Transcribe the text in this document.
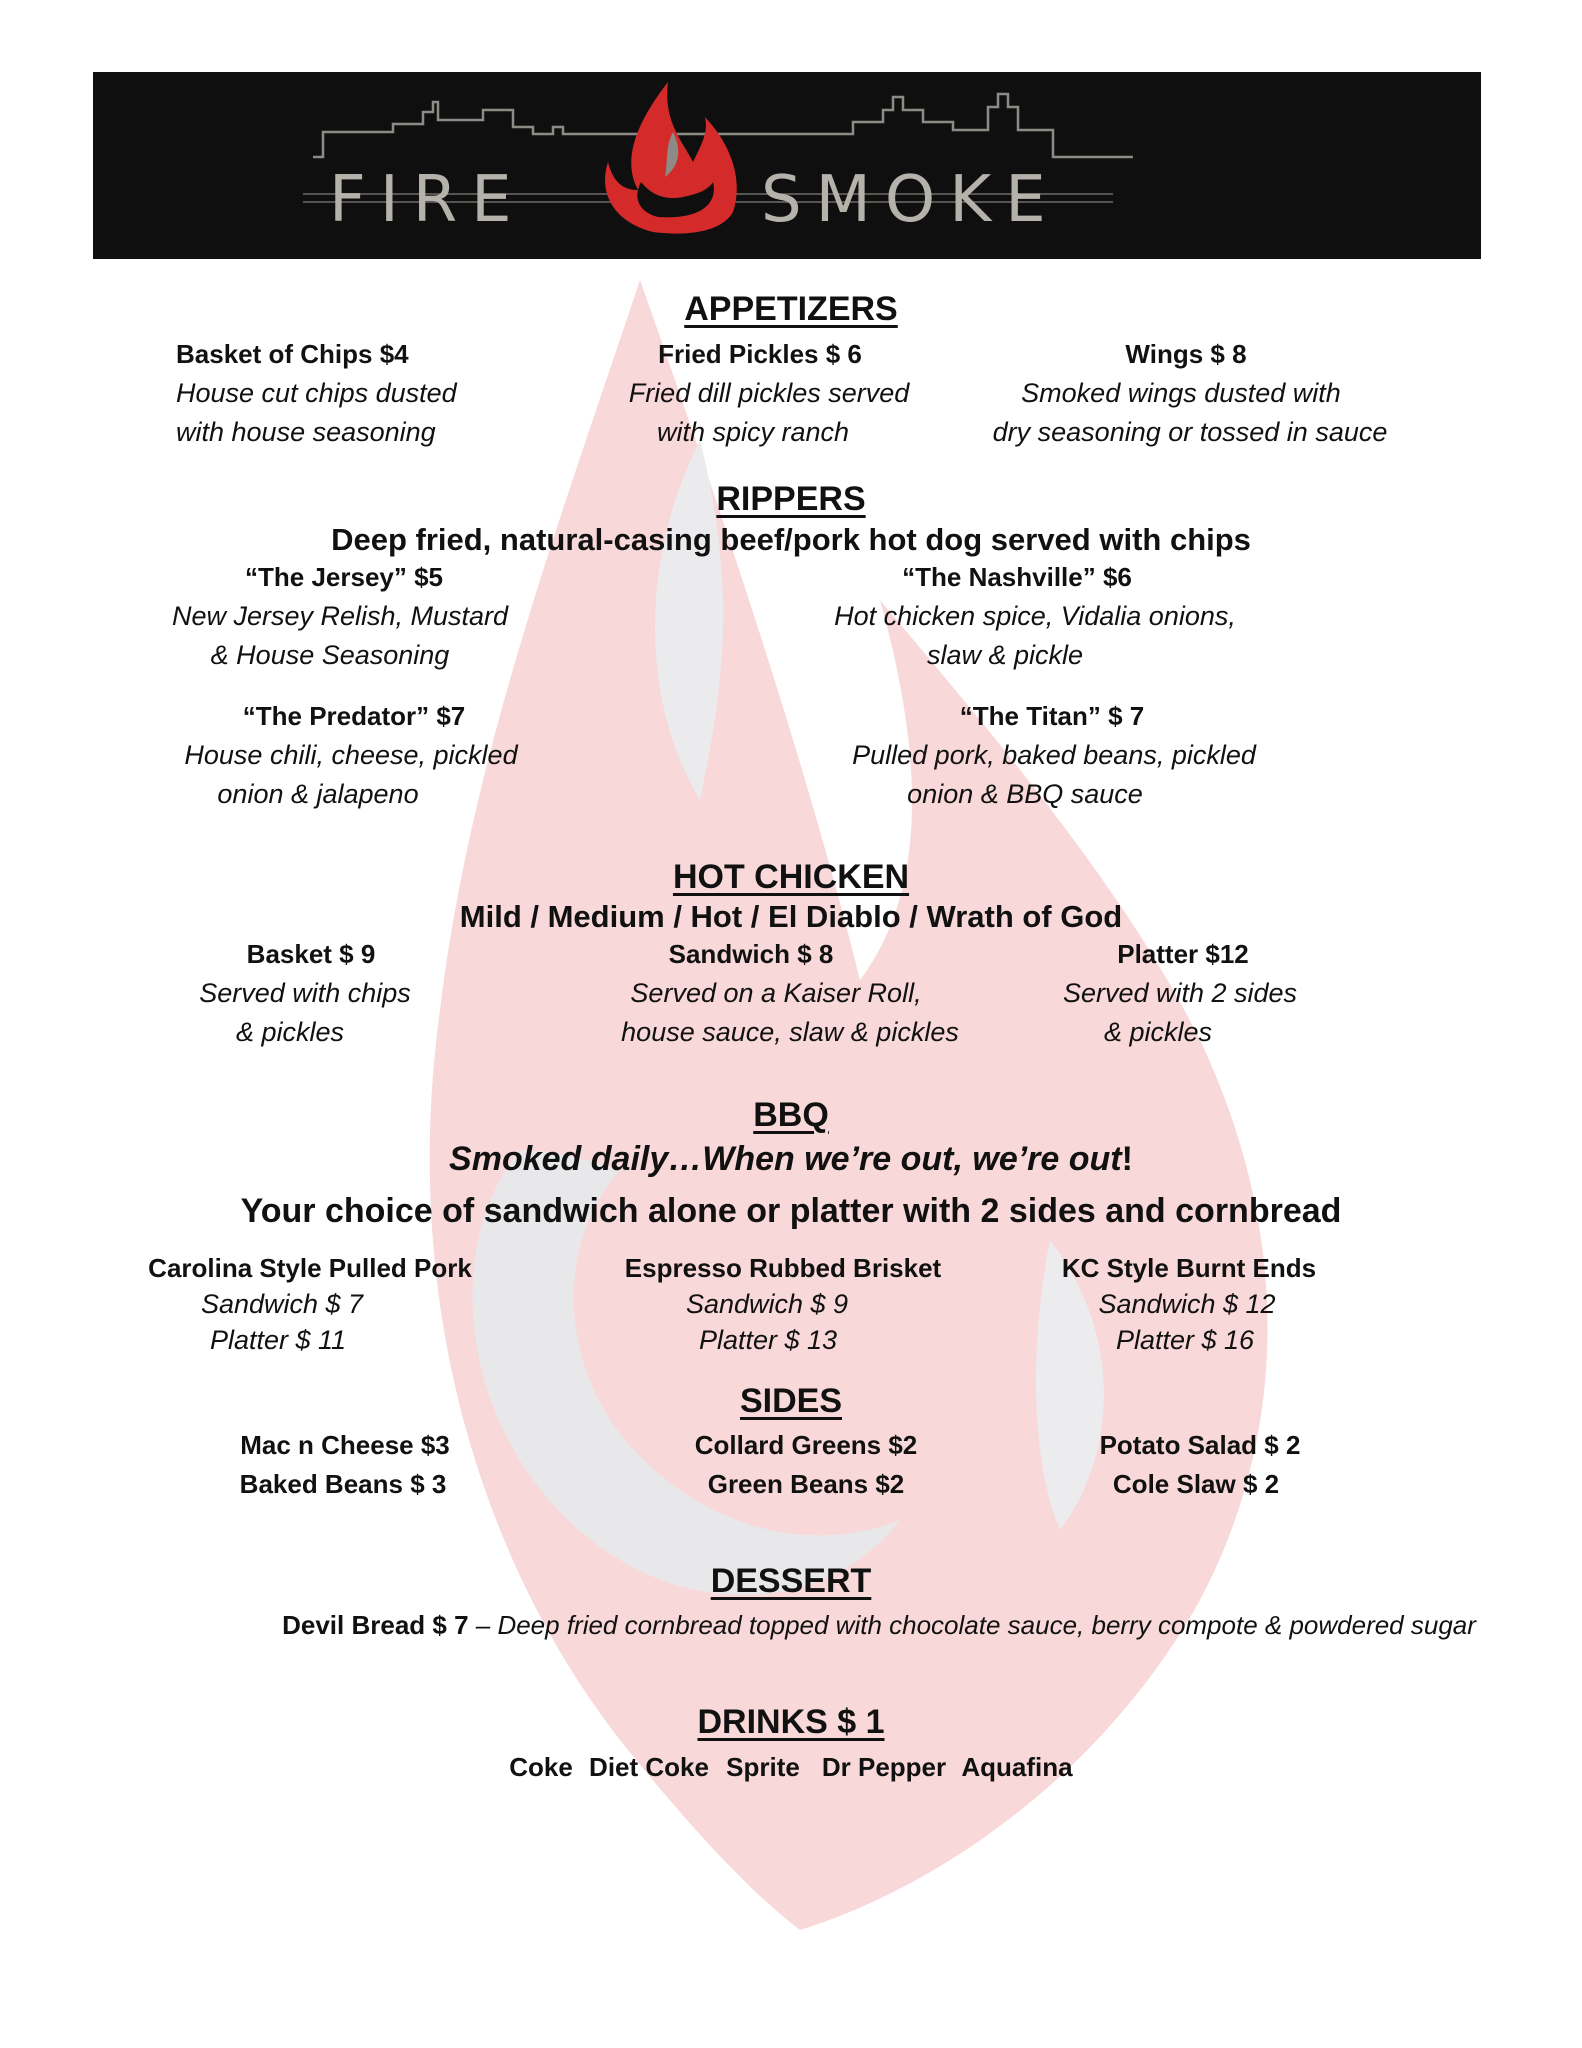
FIRE	SMOKE
APPETIZERS
Basket of Chips $4
House cut chips dusted
with house seasoning
Fried Pickles $ 6
Fried dill pickles served
with spicy ranch
Wings $ 8
Smoked wings dusted with
dry seasoning or tossed in sauce
RIPPERS
Deep fried, natural-casing beef/pork hot dog served with chips
“The Jersey” $5
New Jersey Relish, Mustard
& House Seasoning
“The Nashville” $6
Hot chicken spice, Vidalia onions,
slaw & pickle
“The Predator” $7
House chili, cheese, pickled
onion & jalapeno
“The Titan” $ 7
Pulled pork, baked beans, pickled
onion & BBQ sauce
HOT CHICKEN
Mild / Medium / Hot / El Diablo / Wrath of God
Basket $ 9
Served with chips
& pickles
Sandwich $ 8
Served on a Kaiser Roll,
house sauce, slaw & pickles
Platter $12
Served with 2 sides
& pickles
BBQ
Smoked daily…When we’re out, we’re out!
Your choice of sandwich alone or platter with 2 sides and cornbread
Carolina Style Pulled Pork
Sandwich $ 7
Platter $ 11
Espresso Rubbed Brisket
Sandwich $ 9
Platter $ 13
KC Style Burnt Ends
Sandwich $ 12
Platter $ 16
SIDES
Mac n Cheese $3
Baked Beans $ 3
Collard Greens $2
Green Beans $2
Potato Salad $ 2
Cole Slaw $ 2
DESSERT
Devil Bread $ 7 – Deep fried cornbread topped with chocolate sauce, berry compote & powdered sugar
DRINKS $ 1
Coke Diet Coke Sprite Dr Pepper Aquafina
